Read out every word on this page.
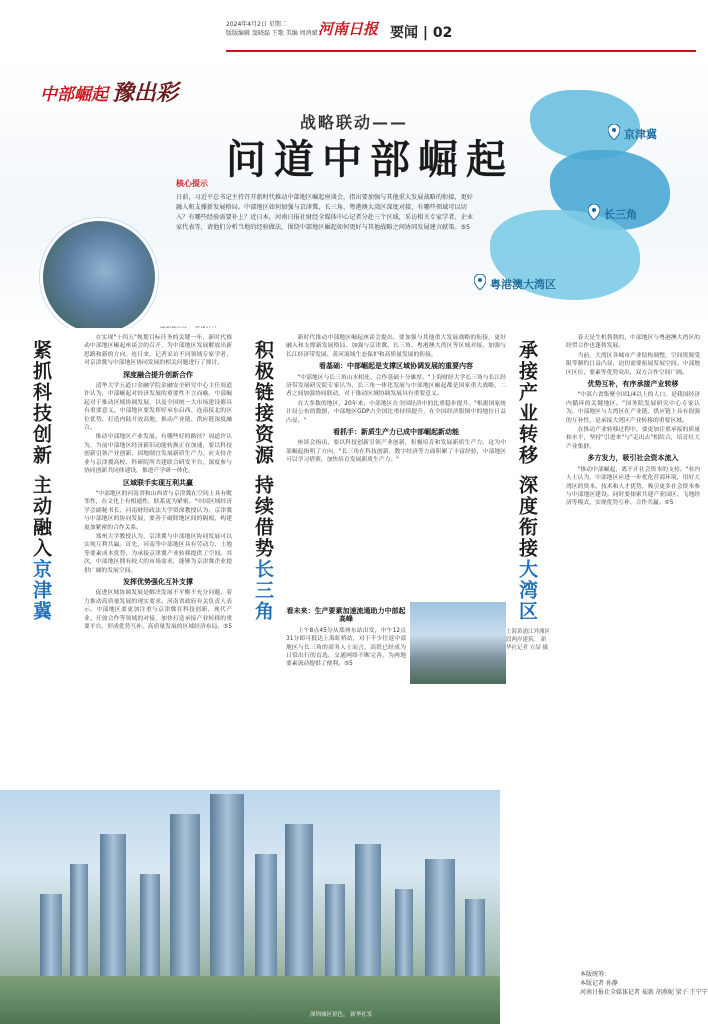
2024年4月2日 星期二
版版编辑 窦晓磊 王歌 美编 周鸿斌 河南日报 要闻 | 02
中部崛起 豫出彩
战略联动——
问道中部崛起
京津冀
长三角
粤港澳大湾区
核心提示
日前，习近平总书记主持召开新时代推动中部地区崛起座谈会，指出要加强与其他重大发展战略的衔接，更好融入和支撑新发展格局。中部地区如何加强与京津冀、长三角、粤港澳大湾区深度对接，有哪些领域可以切入？有哪些经验需要补上？近日本，河南日报社财经全媒体中心记者分赴三个区域，采访相关专家学者、企业家代表等，请他们分析当地的经验做法，围绕中部地区崛起如何更好与其他战略之间协同发展建言献策。⑤5
紧抓科技创新 主动融入京津冀

在实现"十四五"规划目标任务的关键一年，新时代推动中部地区崛起座谈会的召开，为中部地区发展解放出新思路和新的方向。连日来，记者采访不同领域专家学者，对京津冀与中部地区协同发展的相关问题进行了探讨。

深度融合提升创新合作

清华大学五道口金融学院金融安全研究中心主任周道许认为，中部崛起对经济发展的重要性不言而喻。中部崛起对于推动区域协调发展，以及全国统一大市场建设都具有重要意义。中部地区要发挥好承东启西、连南接北的区位优势，打造内陆开放高地，推动产业链、供应链深度融合。

推动中部地区产业发展，有哪些好的路径？周道许认为，当前中部地区经济新旧动能转换正在加速，要以科技创新引领产业创新，因地制宜发展新质生产力。应支持企业与京津冀高校、科研院所共建联合研发平台，深度参与协同创新共同体建设，推进产学研一体化。

区域联手实现互利共赢

"中部地区的河南省和山西省与京津冀在空间上具有毗邻性，在文化上有相通性，联系更为紧密。"中国区域经济学会副秘书长、河南财经政法大学资深教授认为，京津冀与中部地区的协同发展，要善于破除地区间的隔阂，构建更加紧密的合作关系。

郑州大学教授认为，京津冀与中部地区协同发展可以实现互利共赢。首先，河南等中部地区具有劳动力、土地等要素成本优势，为承接京津冀产业转移提供了空间。其次，中部地区拥有较大的市场需求，能够为京津冀企业提供广阔的发展空间。

发挥优势强化互补支撑

促进区域协调发展是解决发展不平衡不充分问题、着力推动高质量发展的现实要求。河南省政府有关负责人表示，中部地区要更加注重与京津冀在科技创新、现代产业、开放合作等领域的对接，加快打造承接产业转移的重要平台，形成优势互补、高质量发展的区域经济布局。⑤5

积极链接资源 持续借势长三角

新时代推动中部地区崛起座谈会提出，要加强与其他重大发展战略的衔接，更好融入和支撑新发展格局。加强与京津冀、长三角、粤港澳大湾区等区域对接，加强与长江经济带发展、黄河流域生态保护和高质量发展的衔接。

看基础：中部崛起是支撑区域协调发展的重要内容

"中部地区与长三角山水相连、合作基础十分雄厚。"上海财经大学长三角与长江经济带发展研究院专家认为，长三角一体化发展与中部地区崛起都是国家重大战略，二者之间加强协同联动，对于推动区域协调发展具有重要意义。

在大多数的地区，20年来，中部地区在全国经济中的比重稳步提升。"根据国家统计局公布的数据，中部地区GDP占全国比重持续提升，在全国经济版图中的地位日益凸显。"

看抓手：新质生产力已成中部崛起新动能

座谈会指出，要以科技创新引领产业创新，积极培育和发展新质生产力。这为中部崛起指明了方向。"长三角在科技创新、数字经济等方面积累了丰富经验，中部地区可以学习借鉴，加快培育发展新质生产力。"

看未来：生产要素加速流通助力中部起高峰

上午8点45分从郑州东站出发，中午12点31分即可抵达上海虹桥站，对于不少往返中部地区与长三角的商务人士而言，高铁已经成为日常出行的首选。交通网络不断完善，为两地要素流动提供了便利。⑤5

上海黄浦江外滩区段两岸建筑。 新华社记者 方喆 摄
承接产业转移 深度衔接大湾区

春天是生机勃勃的，中部地区与粤港澳大湾区的经贸合作也蓬勃发展。

当前，大湾区各城市产业结构调整，空间资源受限等制约日益凸显，迫切需要拓展发展空间。中部地区区位、要素等优势突出，双方合作空间广阔。

优势互补，有序承接产业转移

"中部六省集聚全国1/4以上的人口，是我国经济内循环的关键地区。"国务院发展研究中心专家认为，中部地区与大湾区在产业链、供应链上具有很强的互补性，是承接大湾区产业转移的重要区域。

在推动产业转移过程中，要更加注重承接的质量和水平，坚持"引进来"与"走出去"相结合，培育壮大产业集群。

多方发力，吸引社会资本流入

"推动中部崛起，离不开社会资本的支持。"业内人士认为，中部地区应进一步优化营商环境，用好大湾区的资本、技术和人才优势，吸引更多社会资本参与中部地区建设。同时要探索共建产业园区、飞地经济等模式，实现优势互补、合作共赢。⑤5

本版统筹：
本版记者 孙静
河南日报社全媒体记者 茹新 胡燕妮 梁子 王宁宁
深圳城区景色。 新华社发
